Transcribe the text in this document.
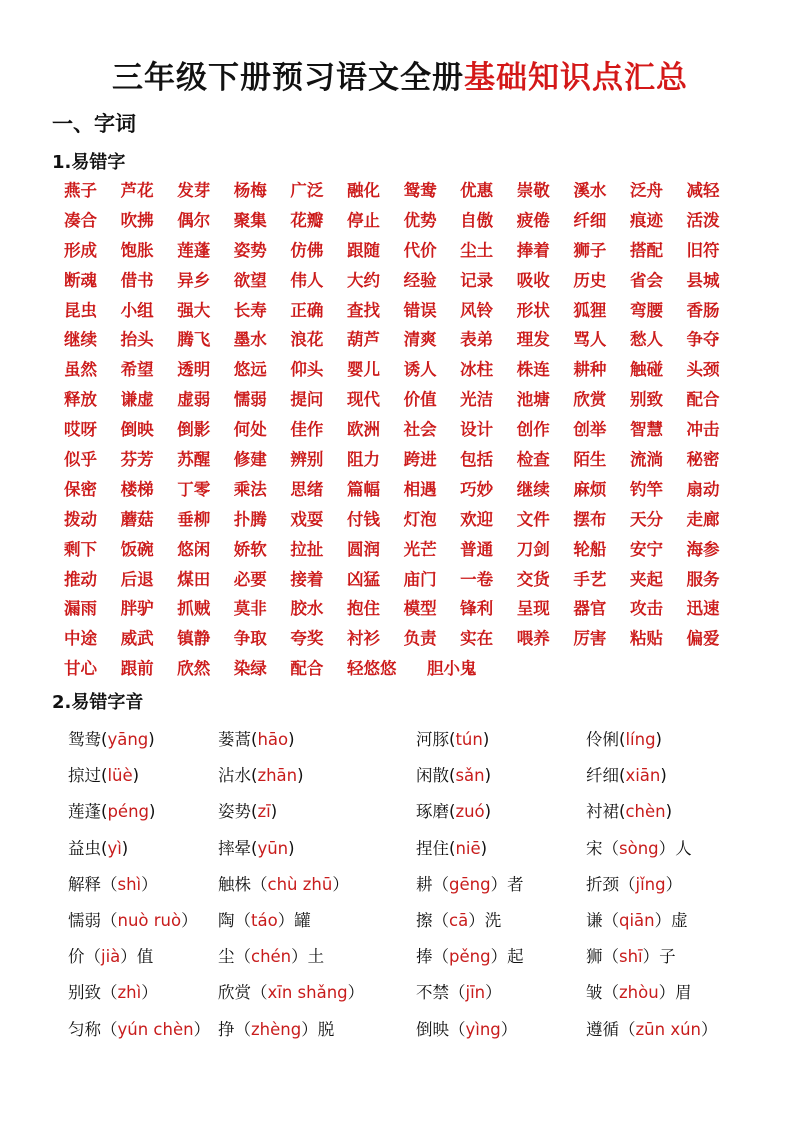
三年级下册预习语文全册基础知识点汇总
一、字词
1.易错字
燕子 芦花 发芽 杨梅 广泛 融化 鸳鸯 优惠 崇敬 溪水 泛舟 减轻
凑合 吹拂 偶尔 聚集 花瓣 停止 优势 自傲 疲倦 纤细 痕迹 活泼
形成 饱胀 莲蓬 姿势 仿佛 跟随 代价 尘土 捧着 狮子 搭配 旧符
断魂 借书 异乡 欲望 伟人 大约 经验 记录 吸收 历史 省会 县城
昆虫 小组 强大 长寿 正确 查找 错误 风铃 形状 狐狸 弯腰 香肠
继续 抬头 腾飞 墨水 浪花 葫芦 清爽 表弟 理发 骂人 愁人 争夺
虽然 希望 透明 悠远 仰头 婴儿 诱人 冰柱 株连 耕种 触碰 头颈
释放 谦虚 虚弱 懦弱 提问 现代 价值 光洁 池塘 欣赏 别致 配合
哎呀 倒映 倒影 何处 佳作 欧洲 社会 设计 创作 创举 智慧 冲击
似乎 芬芳 苏醒 修建 辨别 阻力 跨进 包括 检查 陌生 流淌 秘密
保密 楼梯 丁零 乘法 思绪 篇幅 相遇 巧妙 继续 麻烦 钓竿 扇动
拨动 蘑菇 垂柳 扑腾 戏耍 付钱 灯泡 欢迎 文件 摆布 天分 走廊
剩下 饭碗 悠闲 娇软 拉扯 圆润 光芒 普通 刀剑 轮船 安宁 海参
推动 后退 煤田 必要 接着 凶猛 庙门 一卷 交货 手艺 夹起 服务
漏雨 胖驴 抓贼 莫非 胶水 抱住 模型 锋利 呈现 器官 攻击 迅速
中途 威武 镇静 争取 夸奖 衬衫 负责 实在 喂养 厉害 粘贴 偏爱
甘心 跟前 欣然 染绿 配合 轻悠悠 胆小鬼
2.易错字音
鸳鸯(yāng)	蒌蒿(hāo)	河豚(tún)	伶俐(líng)
掠过(lüè)	沾水(zhān)	闲散(sǎn)	纤细(xiān)
莲蓬(péng)	姿势(zī)	琢磨(zuó)	衬裙(chèn)
益虫(yì)	摔晕(yūn)	捏住(niē)	宋（sòng）人
解释（shì）	触株（chù zhū）	耕（gēng）者	折颈（jǐng）
懦弱（nuò ruò） 陶（táo）罐	擦（cā）洗	谦（qiān）虚
价（jià）值	尘（chén）土	捧（pěng）起	狮（shī）子
别致（zhì）	欣赏（xīn shǎng）	不禁（jīn）	皱（zhòu）眉
匀称（yún chèn） 挣（zhèng）脱	倒映（yìng）	遵循（zūn xún）
